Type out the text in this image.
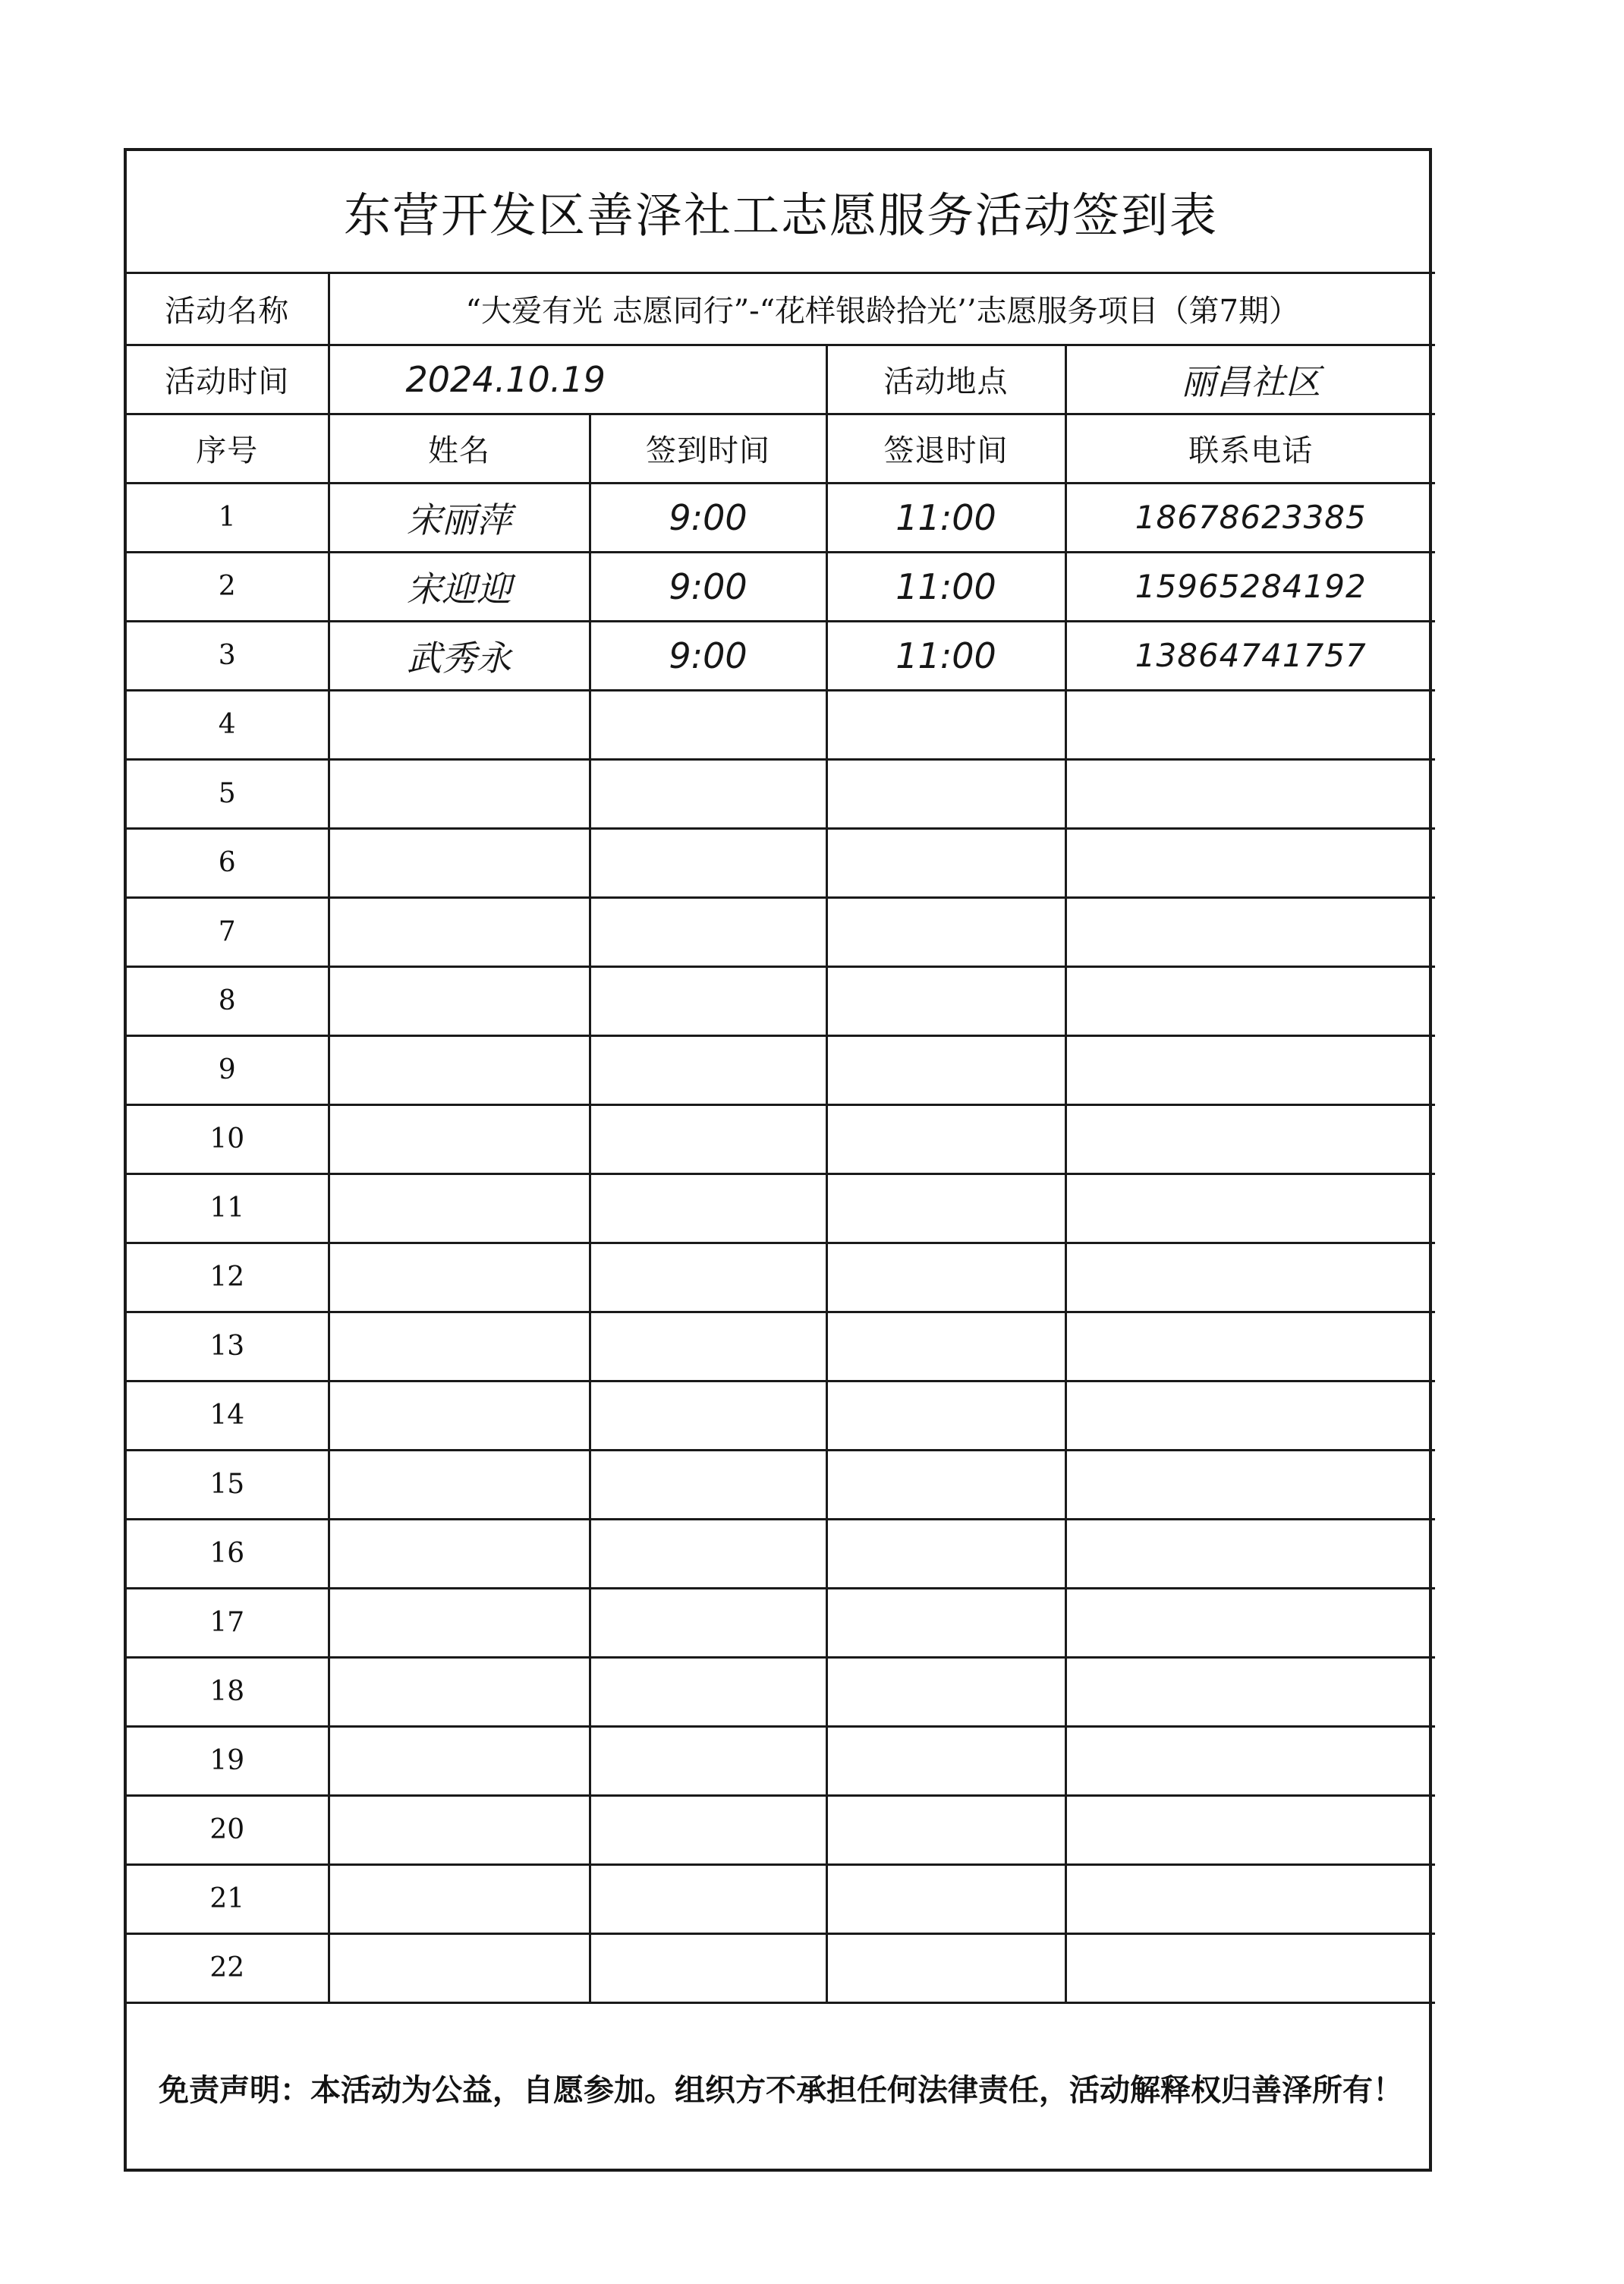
东营开发区善泽社工志愿服务活动签到表				
活动名称	“大爱有光 志愿同行”-“花样银龄拾光’’志愿服务项目（第7期）			
活动时间	2024.10.19		活动地点	丽昌社区
序号	姓名	签到时间	签退时间	联系电话
1	宋丽萍	9:00	11:00	18678623385
2	宋迎迎	9:00	11:00	15965284192
3	武秀永	9:00	11:00	13864741757
4				
5				
6				
7				
8				
9				
10				
11				
12				
13				
14				
15				
16				
17				
18				
19				
20				
21				
22				
免责声明：本活动为公益，自愿参加。组织方不承担任何法律责任，活动解释权归善泽所有！				
